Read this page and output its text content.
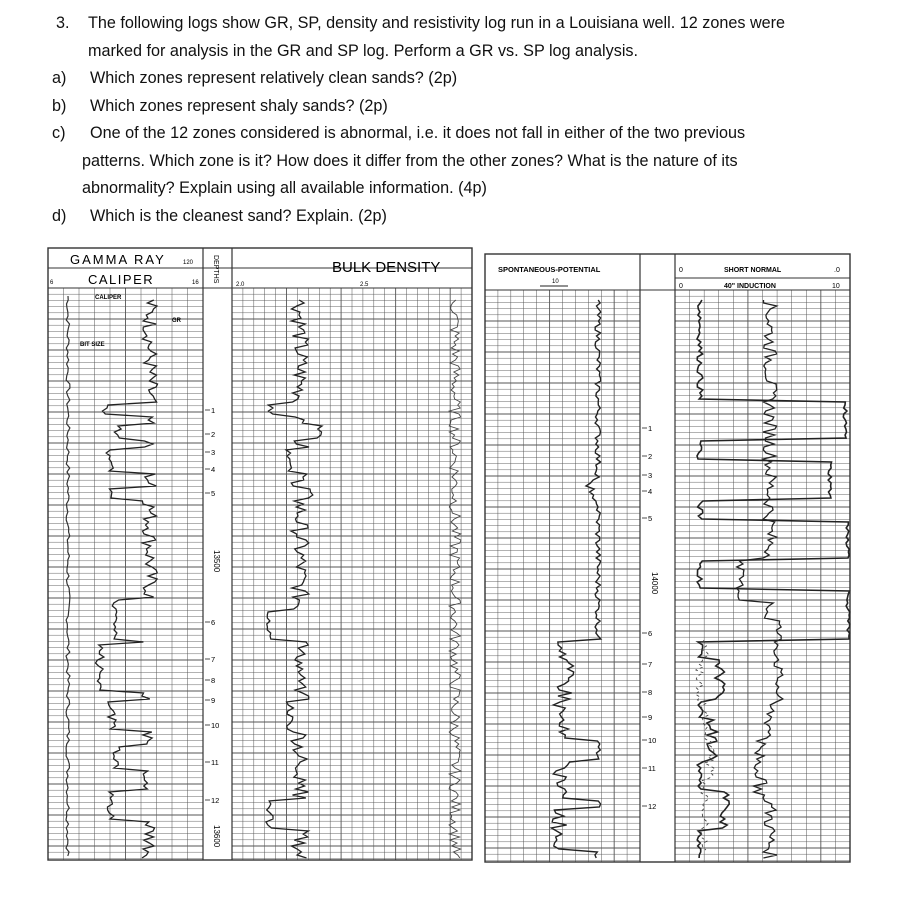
3.	The following logs show GR, SP, density and resistivity log run in a Louisiana well. 12 zones were
marked for analysis in the GR and SP log. Perform a GR vs. SP log analysis.
a)	Which zones represent relatively clean sands? (2p)
b)	Which zones represent shaly sands? (2p)
c)	One of the 12 zones considered is abnormal, i.e. it does not fall in either of the two previous
patterns. Which zone is it? How does it differ from the other zones? What is the nature of its
abnormality? Explain using all available information. (4p)
d)	Which is the cleanest sand? Explain. (2p)
GAMMA RAY	120
CALIPER	16
6
CALIPER
GR
BIT SIZE
DEPTHS
2.0
BULK DENSITY
2.5
13500
13600
1
2
3
4
5
6
7
8
9
10
11
12
SPONTANEOUS-POTENTIAL
10
0
0
SHORT NORMAL
40" INDUCTION
.0
10
14000
1
2
3
4
5
6
7
8
9
10
11
12
